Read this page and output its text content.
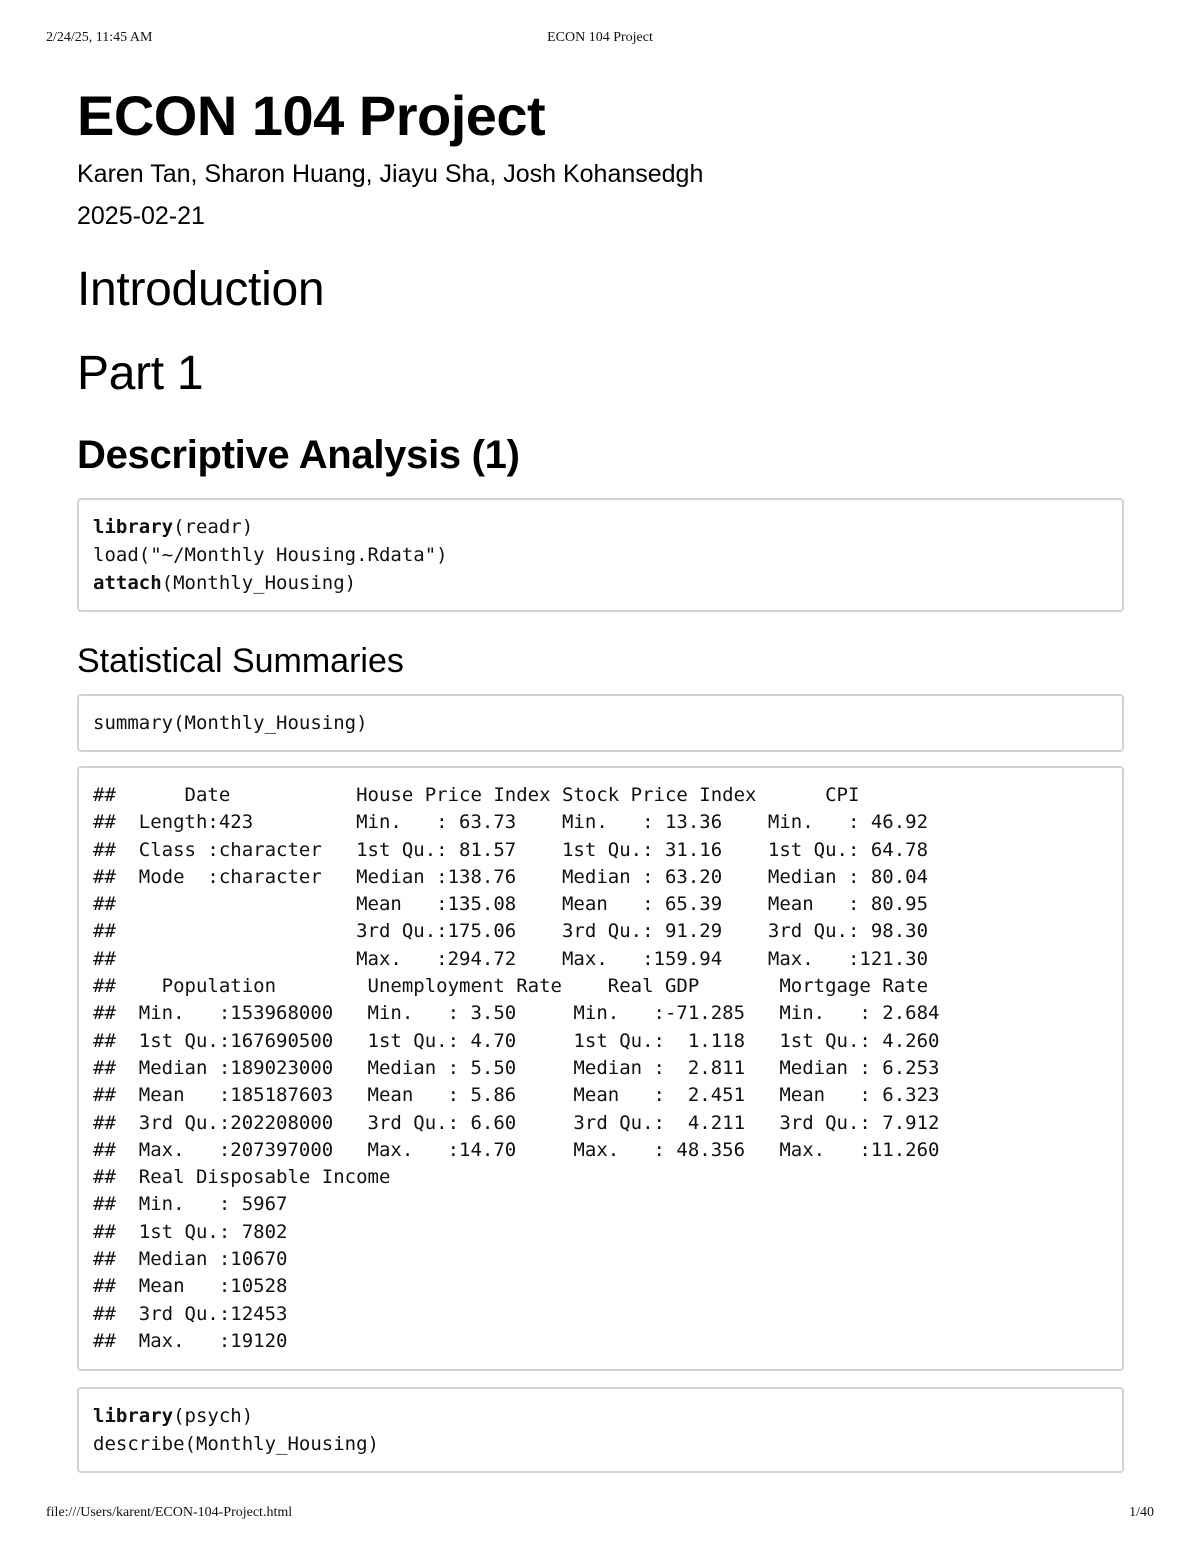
2/24/25, 11:45 AM	ECON 104 Project
ECON 104 Project
Karen Tan, Sharon Huang, Jiayu Sha, Josh Kohansedgh
2025-02-21
Introduction
Part 1
Descriptive Analysis (1)
library(readr)
load("~/Monthly Housing.Rdata")
attach(Monthly_Housing)
Statistical Summaries
summary(Monthly_Housing)
##      Date           House Price Index Stock Price Index      CPI
##  Length:423         Min.   : 63.73    Min.   : 13.36    Min.   : 46.92
##  Class :character   1st Qu.: 81.57    1st Qu.: 31.16    1st Qu.: 64.78
##  Mode  :character   Median :138.76    Median : 63.20    Median : 80.04
##                     Mean   :135.08    Mean   : 65.39    Mean   : 80.95
##                     3rd Qu.:175.06    3rd Qu.: 91.29    3rd Qu.: 98.30
##                     Max.   :294.72    Max.   :159.94    Max.   :121.30
##    Population        Unemployment Rate    Real GDP       Mortgage Rate
##  Min.   :153968000   Min.   : 3.50     Min.   :-71.285   Min.   : 2.684
##  1st Qu.:167690500   1st Qu.: 4.70     1st Qu.:  1.118   1st Qu.: 4.260
##  Median :189023000   Median : 5.50     Median :  2.811   Median : 6.253
##  Mean   :185187603   Mean   : 5.86     Mean   :  2.451   Mean   : 6.323
##  3rd Qu.:202208000   3rd Qu.: 6.60     3rd Qu.:  4.211   3rd Qu.: 7.912
##  Max.   :207397000   Max.   :14.70     Max.   : 48.356   Max.   :11.260
##  Real Disposable Income
##  Min.   : 5967
##  1st Qu.: 7802
##  Median :10670
##  Mean   :10528
##  3rd Qu.:12453
##  Max.   :19120
library(psych)
describe(Monthly_Housing)
file:///Users/karent/ECON-104-Project.html	1/40
